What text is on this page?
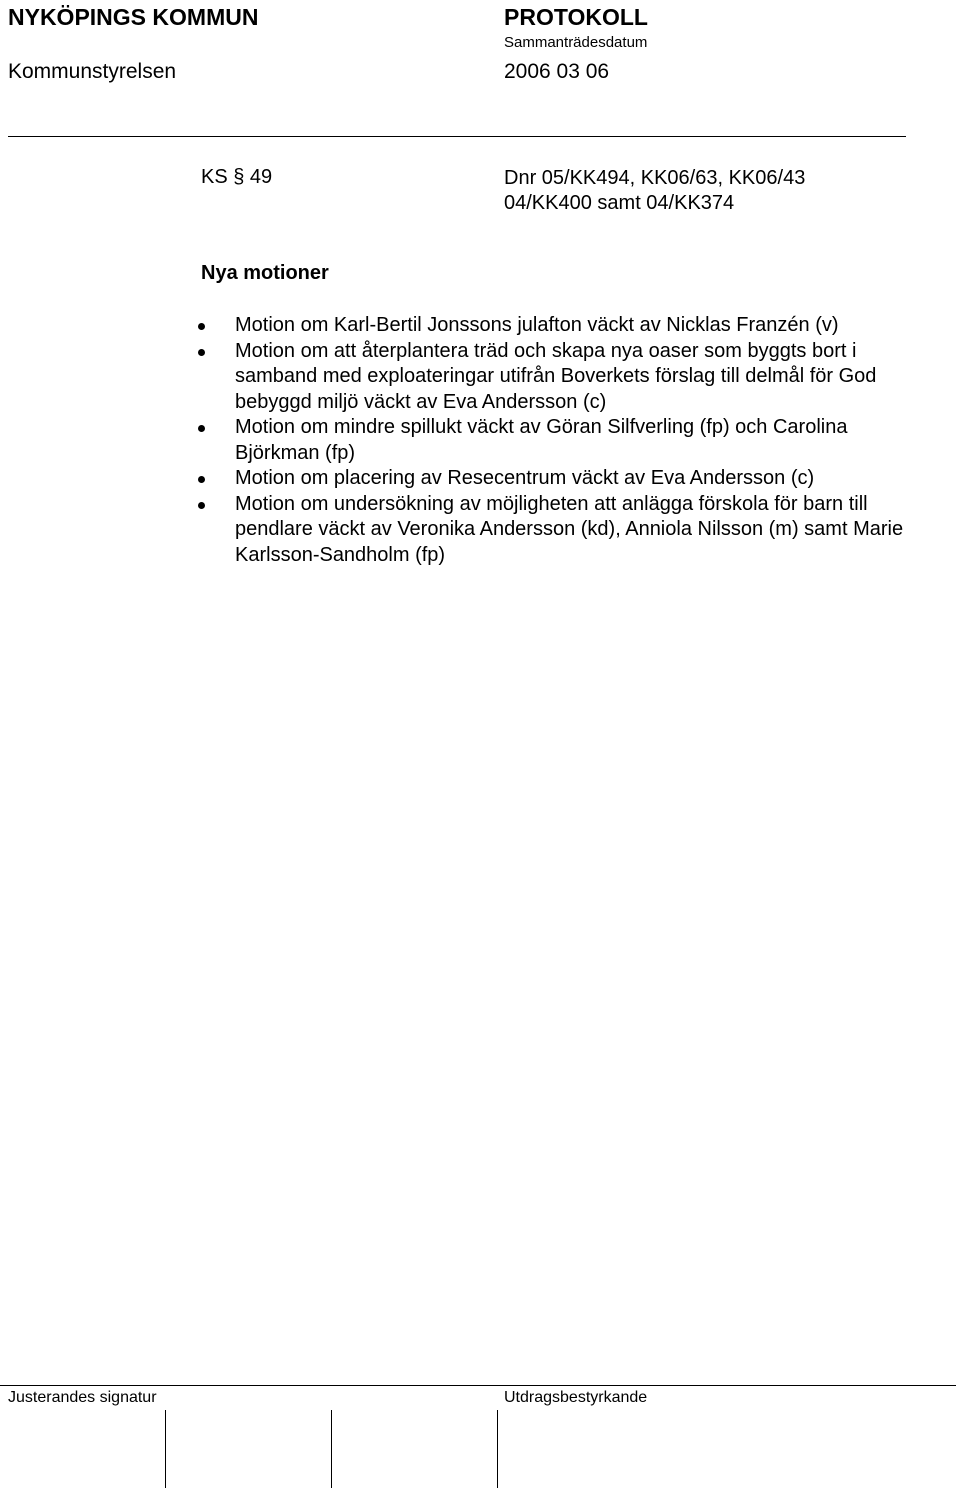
NYKÖPINGS KOMMUN	PROTOKOLL
Sammanträdesdatum
Kommunstyrelsen	2006 03 06
KS § 49	Dnr 05/KK494, KK06/63, KK06/43
04/KK400 samt 04/KK374
Nya motioner
Motion om Karl-Bertil Jonssons julafton väckt av Nicklas Franzén (v)
Motion om att återplantera träd och skapa nya oaser som byggts bort i samband med exploateringar utifrån Boverkets förslag till delmål för God bebyggd miljö väckt av Eva Andersson (c)
Motion om mindre spillukt väckt av Göran Silfverling (fp) och Carolina Björkman (fp)
Motion om placering av Resecentrum väckt av Eva Andersson (c)
Motion om undersökning av möjligheten att anlägga förskola för barn till pendlare väckt av Veronika Andersson (kd), Anniola Nilsson (m) samt Marie Karlsson-Sandholm (fp)
Justerandes signatur	Utdragsbestyrkande
